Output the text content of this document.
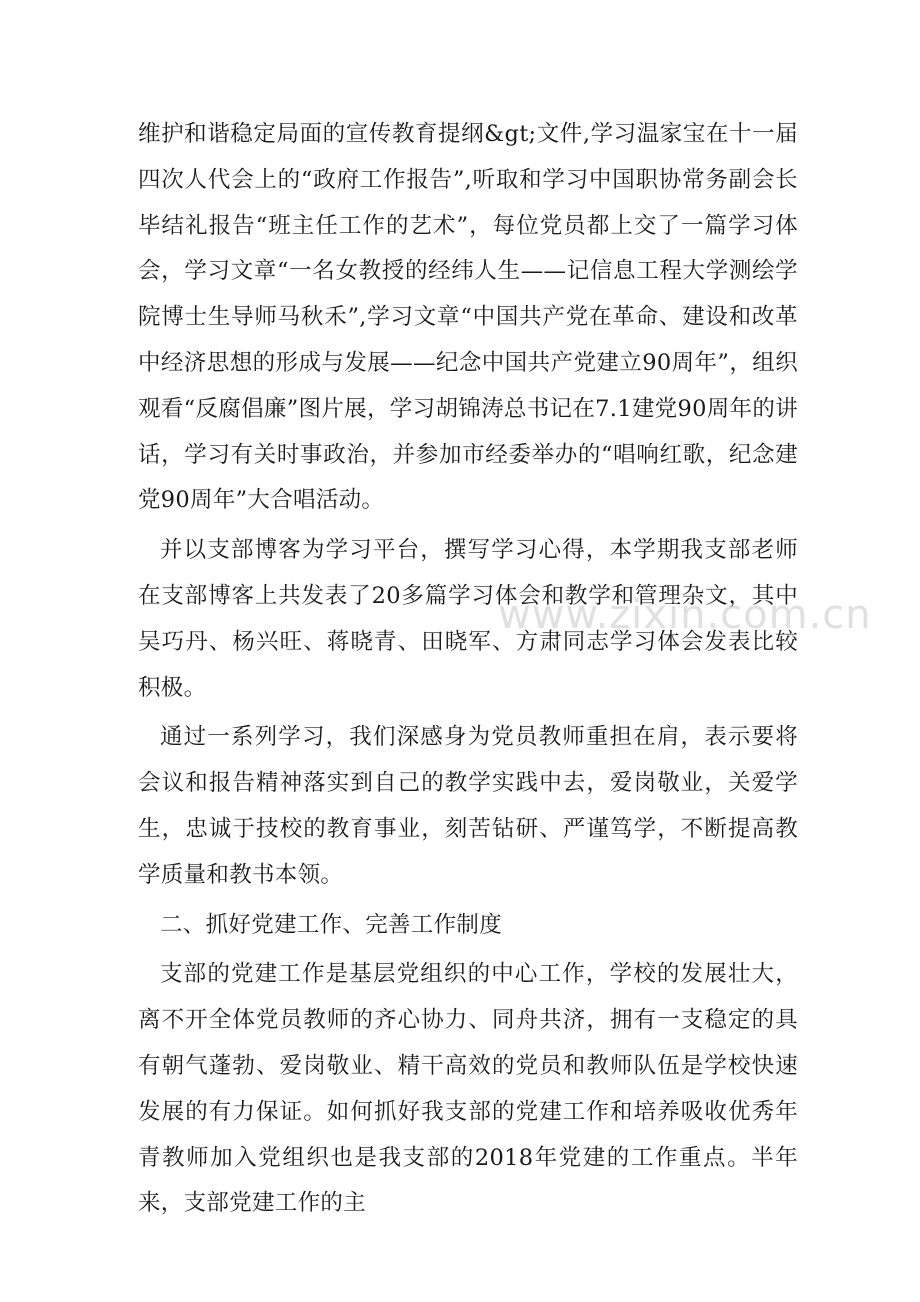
维护和谐稳定局面的宣传教育提纲&gt;文件,学习温家宝在十一届四次人代会上的“政府工作报告”,听取和学习中国职协常务副会长毕结礼报告“班主任工作的艺术”，每位党员都上交了一篇学习体会，学习文章“一名女教授的经纬人生——记信息工程大学测绘学院博士生导师马秋禾”,学习文章“中国共产党在革命、建设和改革中经济思想的形成与发展——纪念中国共产党建立90周年”，组织观看“反腐倡廉”图片展，学习胡锦涛总书记在7.1建党90周年的讲话，学习有关时事政治，并参加市经委举办的“唱响红歌，纪念建党90周年”大合唱活动。

并以支部博客为学习平台，撰写学习心得，本学期我支部老师在支部博客上共发表了20多篇学习体会和教学和管理杂文，其中吴巧丹、杨兴旺、蒋晓青、田晓军、方肃同志学习体会发表比较积极。

通过一系列学习，我们深感身为党员教师重担在肩，表示要将会议和报告精神落实到自己的教学实践中去，爱岗敬业，关爱学生，忠诚于技校的教育事业，刻苦钻研、严谨笃学，不断提高教学质量和教书本领。

二、抓好党建工作、完善工作制度

支部的党建工作是基层党组织的中心工作，学校的发展壮大，离不开全体党员教师的齐心协力、同舟共济，拥有一支稳定的具有朝气蓬勃、爱岗敬业、精干高效的党员和教师队伍是学校快速发展的有力保证。如何抓好我支部的党建工作和培养吸收优秀年青教师加入党组织也是我支部的2018年党建的工作重点。半年来，支部党建工作的主

www.zixin.com.cn
